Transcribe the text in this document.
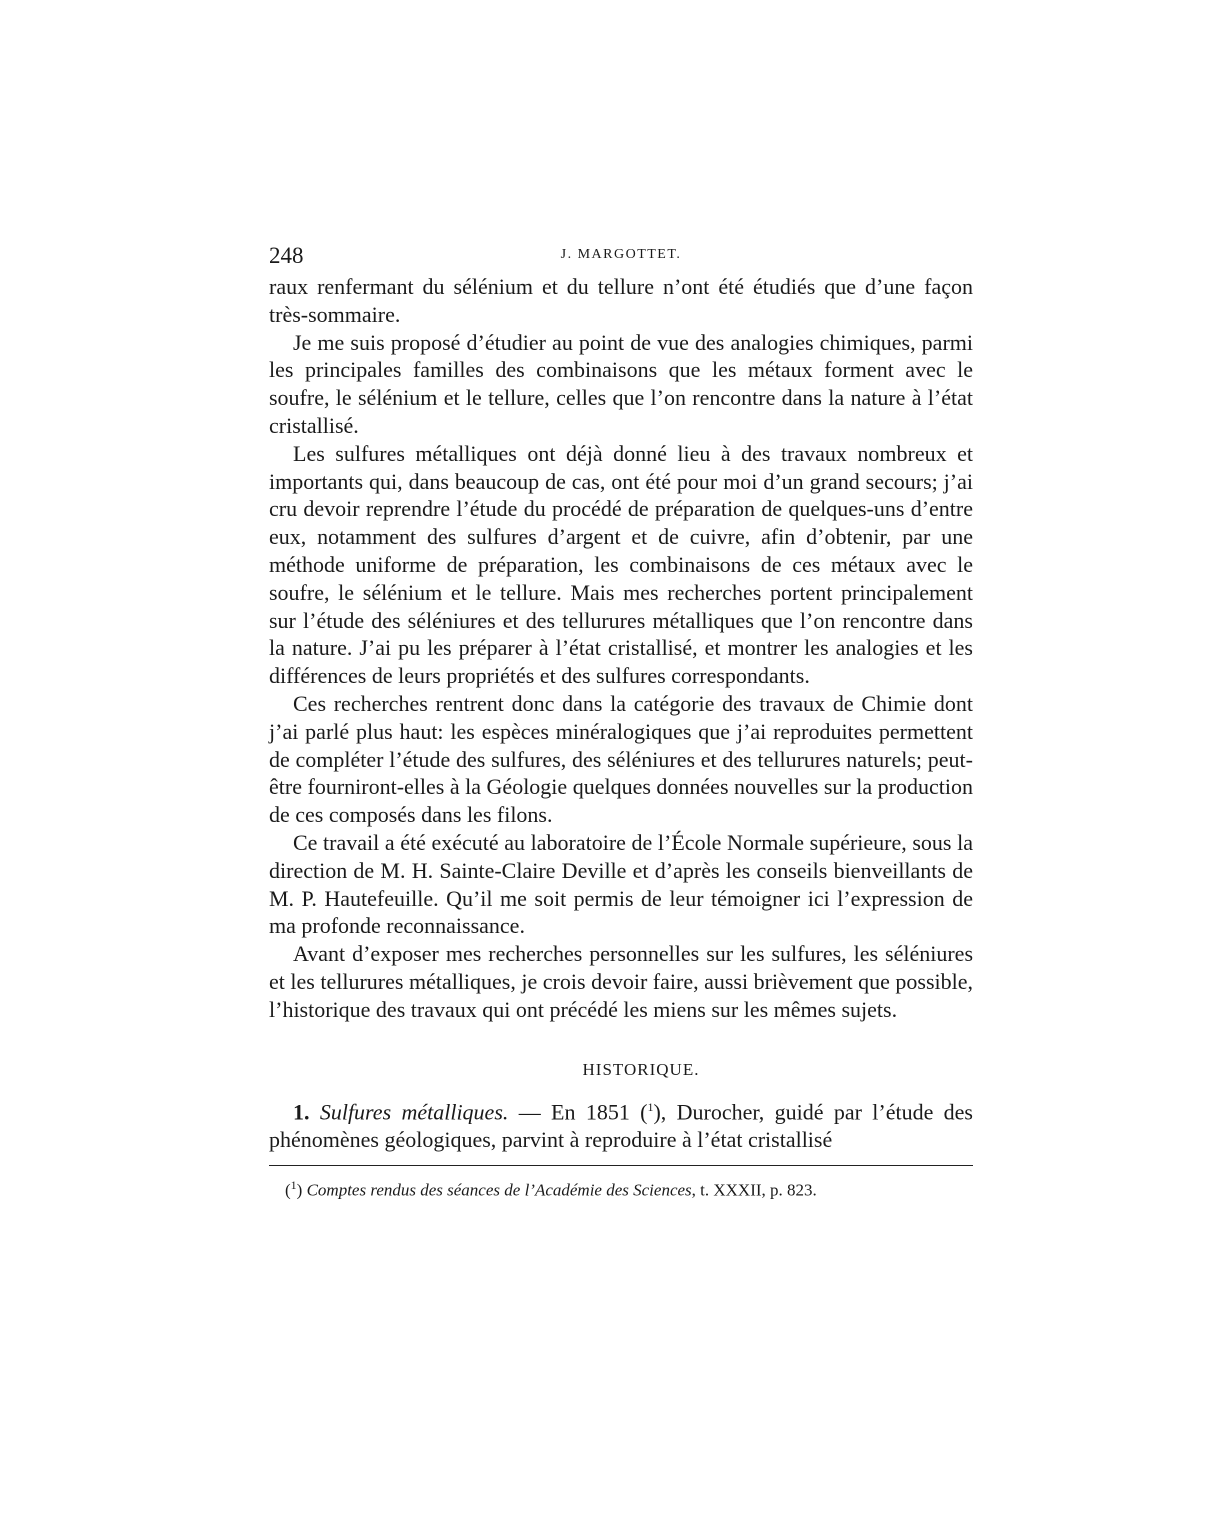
248	J. MARGOTTET.

raux renfermant du sélénium et du tellure n’ont été étudiés que d’une façon très-sommaire.

Je me suis proposé d’étudier au point de vue des analogies chimiques, parmi les principales familles des combinaisons que les métaux forment avec le soufre, le sélénium et le tellure, celles que l’on rencontre dans la nature à l’état cristallisé.

Les sulfures métalliques ont déjà donné lieu à des travaux nombreux et importants qui, dans beaucoup de cas, ont été pour moi d’un grand secours; j’ai cru devoir reprendre l’étude du procédé de préparation de quelques-uns d’entre eux, notamment des sulfures d’argent et de cuivre, afin d’obtenir, par une méthode uniforme de préparation, les combinaisons de ces métaux avec le soufre, le sélénium et le tellure. Mais mes recherches portent principalement sur l’étude des séléniures et des tellurures métalliques que l’on rencontre dans la nature. J’ai pu les préparer à l’état cristallisé, et montrer les analogies et les différences de leurs propriétés et des sulfures correspondants.

Ces recherches rentrent donc dans la catégorie des travaux de Chimie dont j’ai parlé plus haut: les espèces minéralogiques que j’ai reproduites permettent de compléter l’étude des sulfures, des séléniures et des tellurures naturels; peut-être fourniront-elles à la Géologie quelques données nouvelles sur la production de ces composés dans les filons.

Ce travail a été exécuté au laboratoire de l’École Normale supérieure, sous la direction de M. H. Sainte-Claire Deville et d’après les conseils bienveillants de M. P. Hautefeuille. Qu’il me soit permis de leur témoigner ici l’expression de ma profonde reconnaissance.

Avant d’exposer mes recherches personnelles sur les sulfures, les séléniures et les tellurures métalliques, je crois devoir faire, aussi brièvement que possible, l’historique des travaux qui ont précédé les miens sur les mêmes sujets.

HISTORIQUE.

1. Sulfures métalliques. — En 1851 ($^1$), Durocher, guidé par l’étude des phénomènes géologiques, parvint à reproduire à l’état cristallisé

($^1$) Comptes rendus des séances de l’Académie des Sciences, t. XXXII, p. 823.
